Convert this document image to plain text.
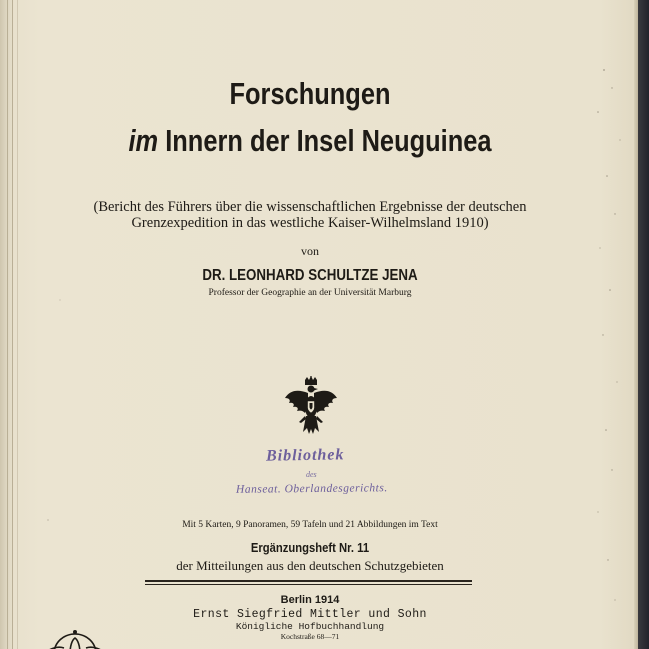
Forschungen
im Innern der Insel Neuguinea
(Bericht des Führers über die wissenschaftlichen Ergebnisse der deutschen
Grenzexpedition in das westliche Kaiser-Wilhelmsland 1910)
von
DR. LEONHARD SCHULTZE JENA
Professor der Geographie an der Universität Marburg
Bibliothek
des
Hanseat. Oberlandesgerichts.
Mit 5 Karten, 9 Panoramen, 59 Tafeln und 21 Abbildungen im Text
Ergänzungsheft Nr. 11
der Mitteilungen aus den deutschen Schutzgebieten
Berlin 1914
Ernst Siegfried Mittler und Sohn
Königliche Hofbuchhandlung
Kochstraße 68—71
